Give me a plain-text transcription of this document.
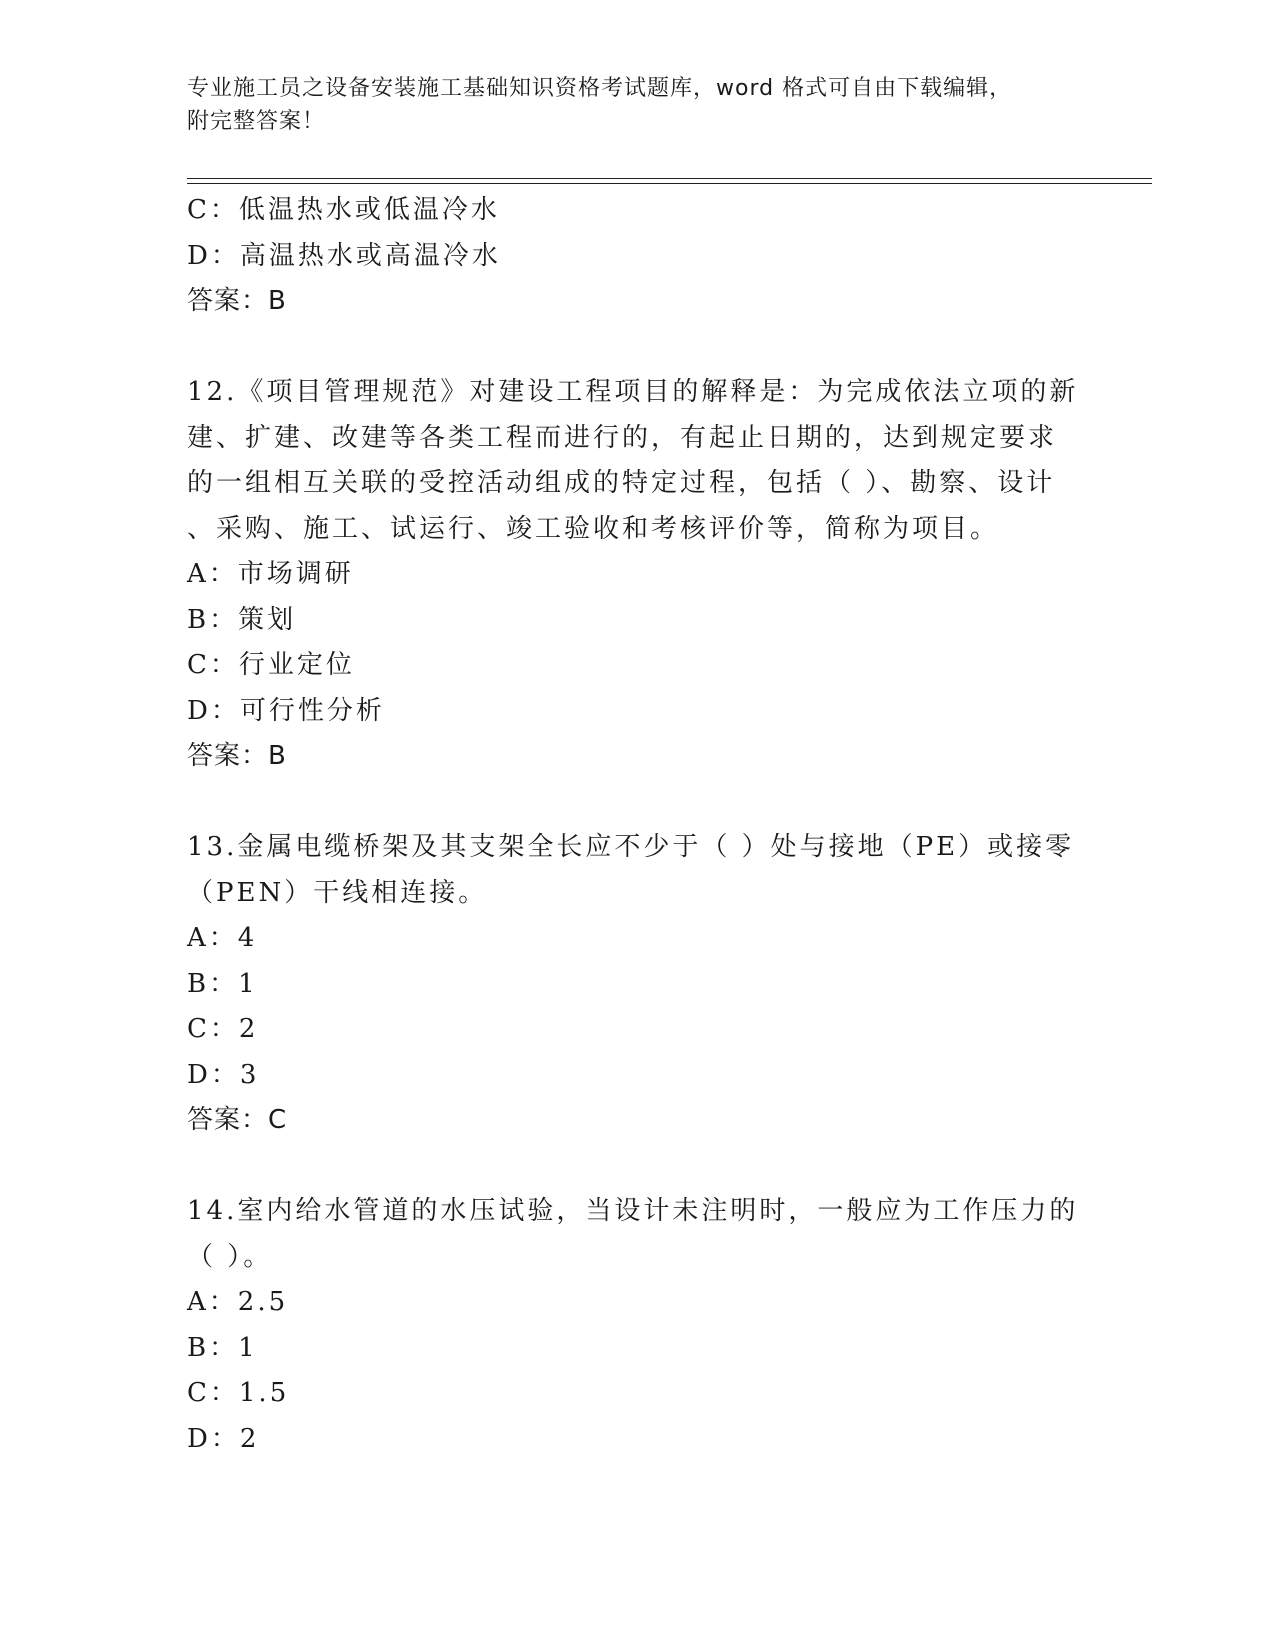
专业施工员之设备安装施工基础知识资格考试题库，word 格式可自由下载编辑，
附完整答案！
C：低温热水或低温冷水
D：高温热水或高温冷水
答案：B
12.《项目管理规范》对建设工程项目的解释是：为完成依法立项的新
建、扩建、改建等各类工程而进行的，有起止日期的，达到规定要求
的一组相互关联的受控活动组成的特定过程，包括（ ）、勘察、设计
、采购、施工、试运行、竣工验收和考核评价等，简称为项目。
A：市场调研
B：策划
C：行业定位
D：可行性分析
答案：B
13.金属电缆桥架及其支架全长应不少于（ ）处与接地（PE）或接零
（PEN）干线相连接。
A：4
B：1
C：2
D：3
答案：C
14.室内给水管道的水压试验，当设计未注明时，一般应为工作压力的
（ ）。
A：2.5
B：1
C：1.5
D：2
